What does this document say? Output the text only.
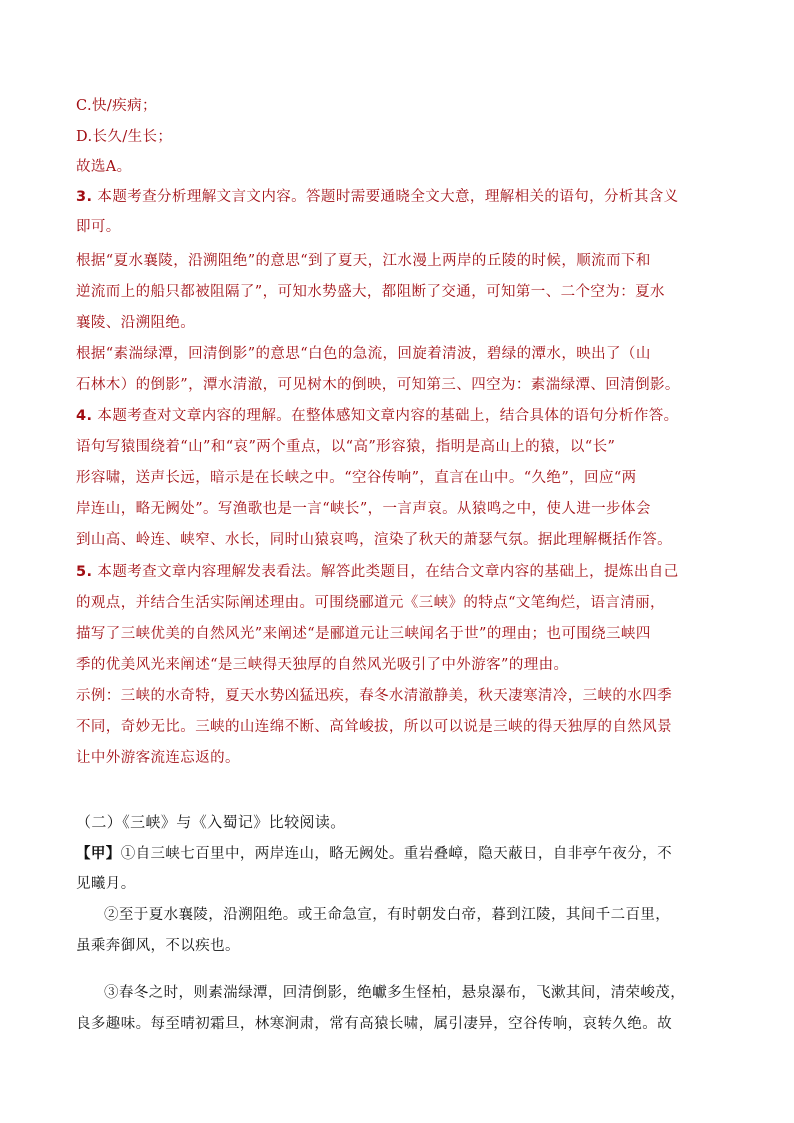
C.快/疾病；
D.长久/生长；
故选A。
3. 本题考查分析理解文言文内容。答题时需要通晓全文大意，理解相关的语句，分析其含义
即可。
根据“夏水襄陵，沿溯阻绝”的意思“到了夏天，江水漫上两岸的丘陵的时候，顺流而下和
逆流而上的船只都被阻隔了”，可知水势盛大，都阻断了交通，可知第一、二个空为：夏水
襄陵、沿溯阻绝。
根据“素湍绿潭，回清倒影”的意思“白色的急流，回旋着清波，碧绿的潭水，映出了（山
石林木）的倒影”，潭水清澈，可见树木的倒映，可知第三、四空为：素湍绿潭、回清倒影。
4. 本题考查对文章内容的理解。在整体感知文章内容的基础上，结合具体的语句分析作答。
语句写猿围绕着“山”和“哀”两个重点，以“高”形容猿，指明是高山上的猿，以“长”
形容啸，送声长远，暗示是在长峡之中。“空谷传响”，直言在山中。“久绝”，回应“两
岸连山，略无阙处”。写渔歌也是一言“峡长”，一言声哀。从猿鸣之中，使人进一步体会
到山高、岭连、峡窄、水长，同时山猿哀鸣，渲染了秋天的萧瑟气氛。据此理解概括作答。
5. 本题考查文章内容理解发表看法。解答此类题目，在结合文章内容的基础上，提炼出自己
的观点，并结合生活实际阐述理由。可围绕郦道元《三峡》的特点“文笔绚烂，语言清丽，
描写了三峡优美的自然风光”来阐述“是郦道元让三峡闻名于世”的理由；也可围绕三峡四
季的优美风光来阐述“是三峡得天独厚的自然风光吸引了中外游客”的理由。
示例：三峡的水奇特，夏天水势凶猛迅疾，春冬水清澈静美，秋天凄寒清冷，三峡的水四季
不同，奇妙无比。三峡的山连绵不断、高耸峻拔，所以可以说是三峡的得天独厚的自然风景
让中外游客流连忘返的。
（二）《三峡》与《入蜀记》比较阅读。
【甲】①自三峡七百里中，两岸连山，略无阙处。重岩叠嶂，隐天蔽日，自非亭午夜分，不
见曦月。
②至于夏水襄陵，沿溯阻绝。或王命急宣，有时朝发白帝，暮到江陵，其间千二百里，
虽乘奔御风，不以疾也。
③春冬之时，则素湍绿潭，回清倒影，绝巘多生怪柏，悬泉瀑布，飞漱其间，清荣峻茂，
良多趣味。每至晴初霜旦，林寒涧肃，常有高猿长啸，属引凄异，空谷传响，哀转久绝。故
